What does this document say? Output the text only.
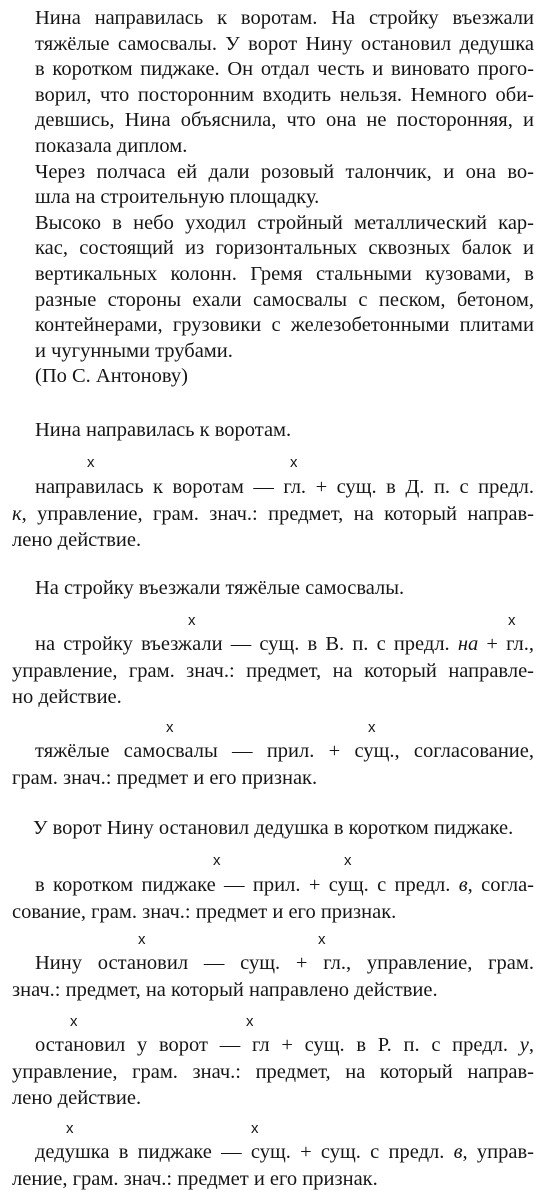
Нина направилась к воротам. На стройку въезжали
тяжёлые самосвалы. У ворот Нину остановил дедушка
в коротком пиджаке. Он отдал честь и виновато прого-
ворил, что посторонним входить нельзя. Немного оби-
девшись, Нина объяснила, что она не посторонняя, и
показала диплом.

Через полчаса ей дали розовый талончик, и она во-
шла на строительную площадку.

Высоко в небо уходил стройный металлический кар-
кас, состоящий из горизонтальных сквозных балок и
вертикальных колонн. Гремя стальными кузовами, в
разные стороны ехали самосвалы с песком, бетоном,
контейнерами, грузовики с железобетонными плитами
и чугунными трубами.

(По С. Антонову)

Нина направилась к воротам.
x	x
направилась к воротам — гл. + сущ. в Д. п. с предл.
к, управление, грам. знач.: предмет, на который направ-
лено действие.
На стройку въезжали тяжёлые самосвалы.
x	x
на стройку въезжали — сущ. в В. п. с предл. на + гл.,
управление, грам. знач.: предмет, на который направле-
но действие.
x	x
тяжёлые самосвалы — прил. + сущ., согласование,
грам. знач.: предмет и его признак.
У ворот Нину остановил дедушка в коротком пиджаке.
x	x
в коротком пиджаке — прил. + сущ. с предл. в, согла-
сование, грам. знач.: предмет и его признак.
x	x
Нину остановил — сущ. + гл., управление, грам.
знач.: предмет, на который направлено действие.
x	x
остановил у ворот — гл + сущ. в Р. п. с предл. у,
управление, грам. знач.: предмет, на который направ-
лено действие.
x	x
дедушка в пиджаке — сущ. + сущ. с предл. в, управ-
ление, грам. знач.: предмет и его признак.
